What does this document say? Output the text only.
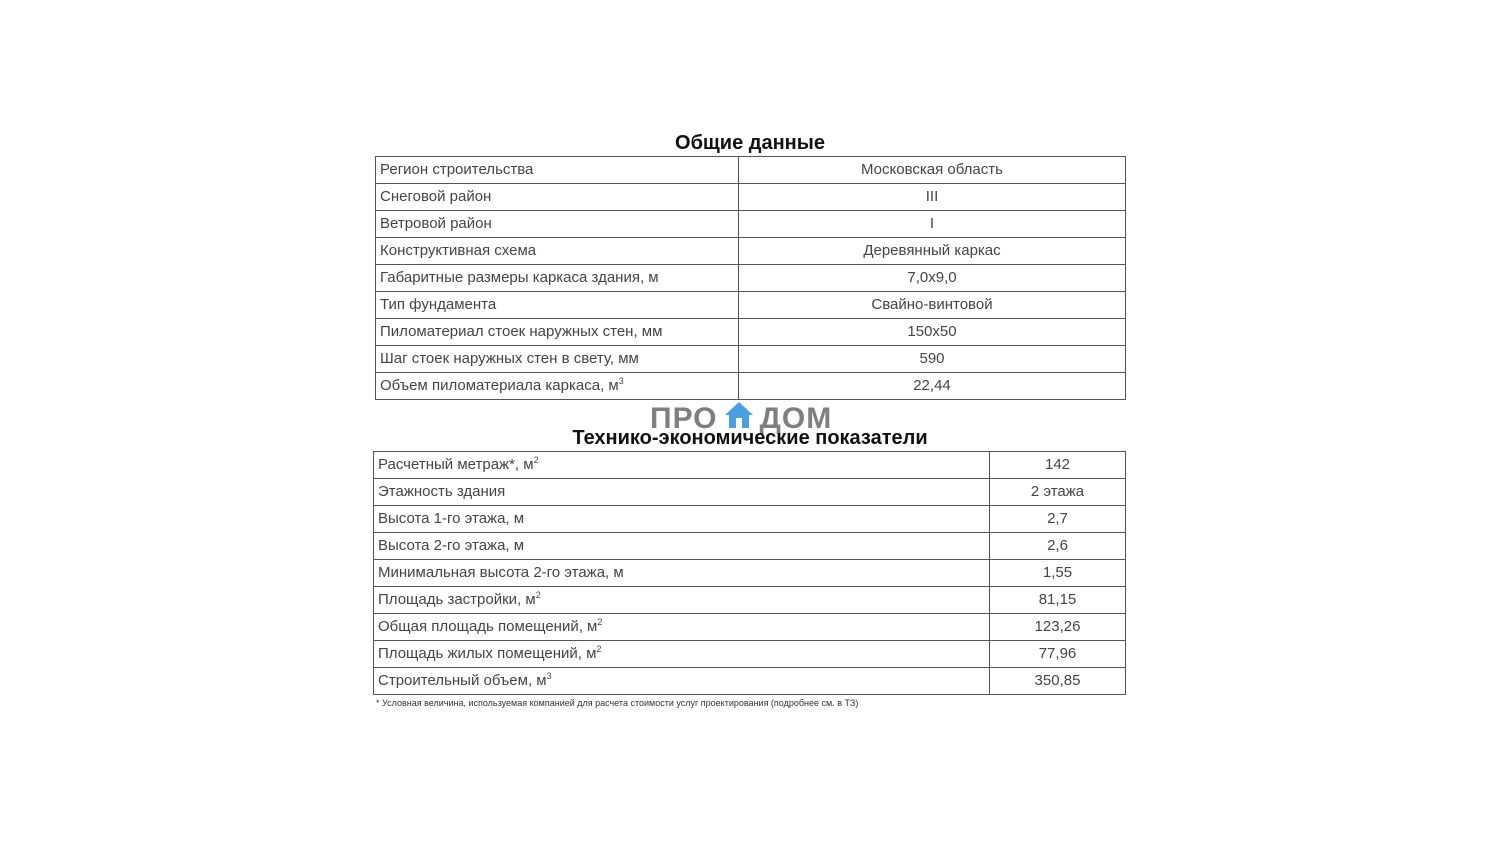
Общие данные
Регион строительства	Московская область
Снеговой район	III
Ветровой район	I
Конструктивная схема	Деревянный каркас
Габаритные размеры каркаса здания, м	7,0x9,0
Тип фундамента	Свайно-винтовой
Пиломатериал стоек наружных стен, мм	150x50
Шаг стоек наружных стен в свету, мм	590
Объем пиломатериала каркаса, $м^3$	22,44
ПРО ДОМ
Технико-экономические показатели
Расчетный метраж*, $м^2$	142
Этажность здания	2 этажа
Высота 1-го этажа, м	2,7
Высота 2-го этажа, м	2,6
Минимальная высота 2-го этажа, м	1,55
Площадь застройки, $м^2$	81,15
Общая площадь помещений, $м^2$	123,26
Площадь жилых помещений, $м^2$	77,96
Строительный объем, $м^3$	350,85
* Условная величина, используемая компанией для расчета стоимости услуг проектирования (подробнее см. в ТЗ)
